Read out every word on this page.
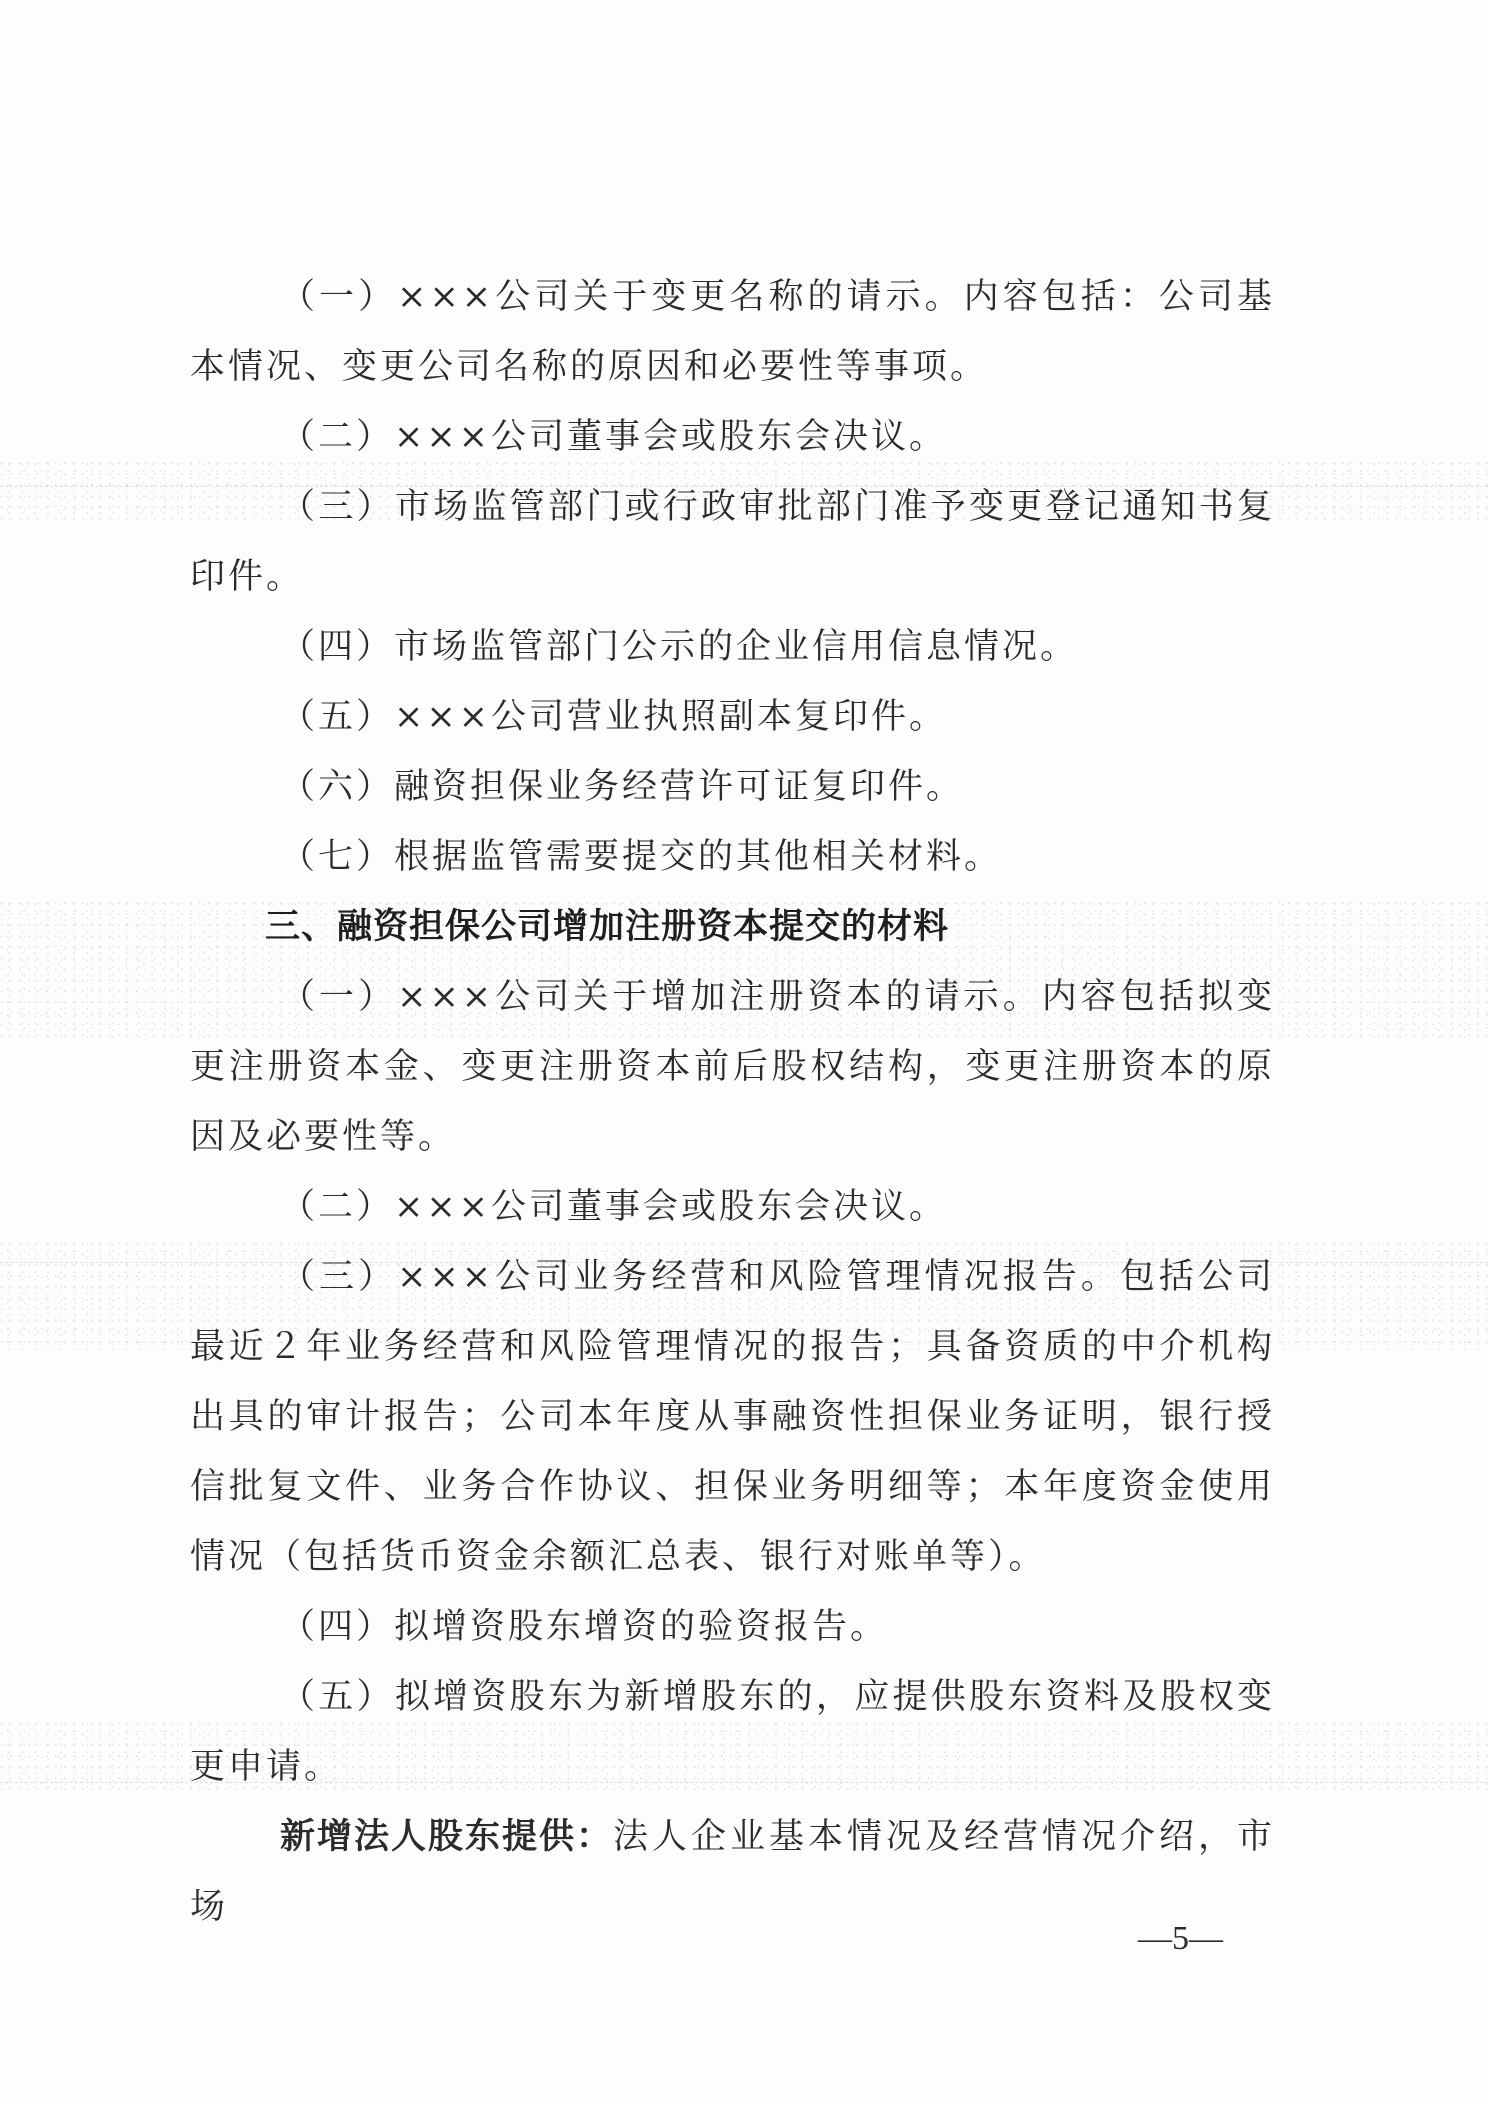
（一）×××公司关于变更名称的请示。内容包括：公司基本情况、变更公司名称的原因和必要性等事项。

（二）×××公司董事会或股东会决议。

（三）市场监管部门或行政审批部门准予变更登记通知书复印件。

（四）市场监管部门公示的企业信用信息情况。

（五）×××公司营业执照副本复印件。

（六）融资担保业务经营许可证复印件。

（七）根据监管需要提交的其他相关材料。

三、融资担保公司增加注册资本提交的材料

（一）×××公司关于增加注册资本的请示。内容包括拟变更注册资本金、变更注册资本前后股权结构，变更注册资本的原因及必要性等。

（二）×××公司董事会或股东会决议。

（三）×××公司业务经营和风险管理情况报告。包括公司最近２年业务经营和风险管理情况的报告；具备资质的中介机构出具的审计报告；公司本年度从事融资性担保业务证明，银行授信批复文件、业务合作协议、担保业务明细等；本年度资金使用情况（包括货币资金余额汇总表、银行对账单等）。

（四）拟增资股东增资的验资报告。

（五）拟增资股东为新增股东的，应提供股东资料及股权变更申请。

新增法人股东提供：法人企业基本情况及经营情况介绍，市场

—5—
